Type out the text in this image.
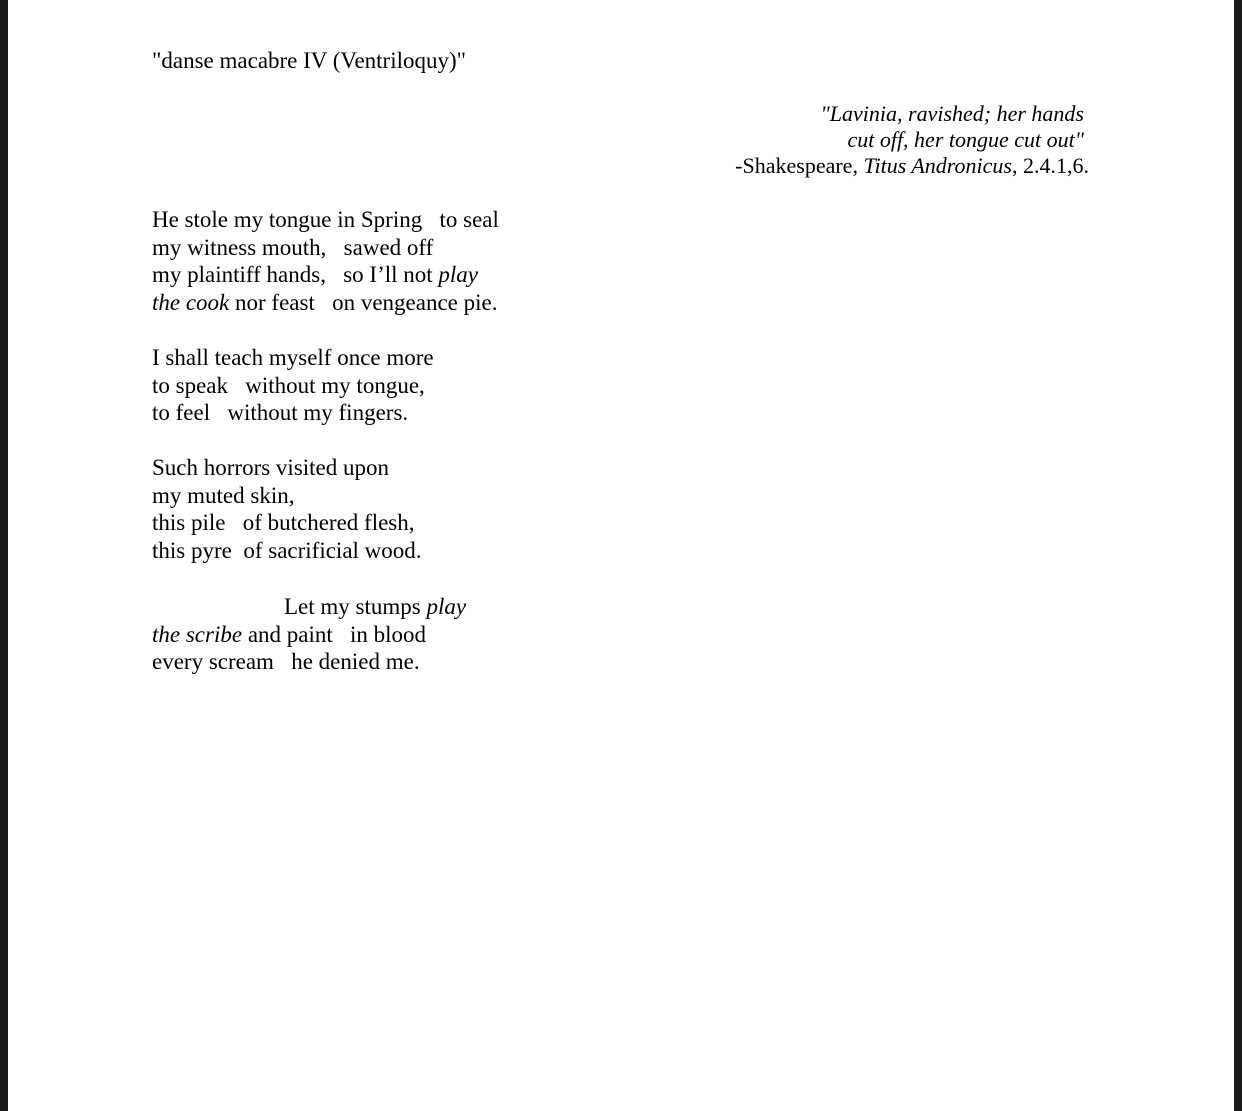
"danse macabre IV (Ventriloquy)"
"Lavinia, ravished; her hands
cut off, her tongue cut out"
-Shakespeare, Titus Andronicus, 2.4.1,6.
He stole my tongue in Spring   to seal
my witness mouth,   sawed off
my plaintiff hands,   so I’ll not play
the cook nor feast   on vengeance pie.
I shall teach myself once more
to speak   without my tongue,
to feel   without my fingers.
Such horrors visited upon
my muted skin,
this pile   of butchered flesh,
this pyre  of sacrificial wood.
Let my stumps play
the scribe and paint   in blood
every scream   he denied me.
